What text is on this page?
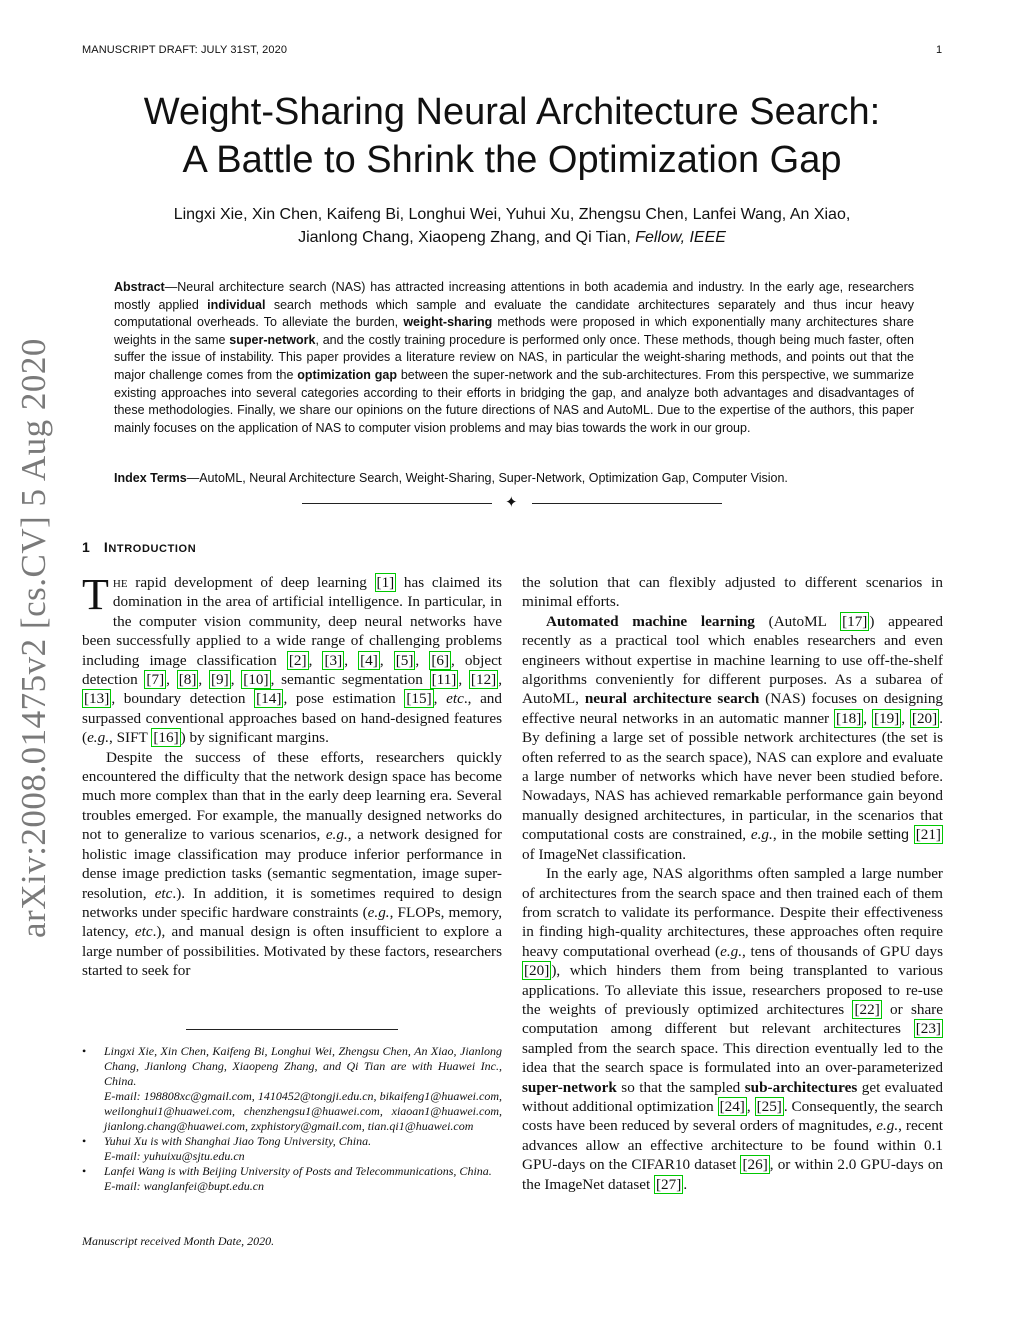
MANUSCRIPT DRAFT: JULY 31ST, 2020	1
arXiv:2008.01475v2 [cs.CV] 5 Aug 2020
Weight-Sharing Neural Architecture Search:
A Battle to Shrink the Optimization Gap
Lingxi Xie, Xin Chen, Kaifeng Bi, Longhui Wei, Yuhui Xu, Zhengsu Chen, Lanfei Wang, An Xiao,
Jianlong Chang, Xiaopeng Zhang, and Qi Tian, Fellow, IEEE
Abstract—Neural architecture search (NAS) has attracted increasing attentions in both academia and industry. In the early age, researchers mostly applied individual search methods which sample and evaluate the candidate architectures separately and thus incur heavy computational overheads. To alleviate the burden, weight-sharing methods were proposed in which exponentially many architectures share weights in the same super-network, and the costly training procedure is performed only once. These methods, though being much faster, often suffer the issue of instability. This paper provides a literature review on NAS, in particular the weight-sharing methods, and points out that the major challenge comes from the optimization gap between the super-network and the sub-architectures. From this perspective, we summarize existing approaches into several categories according to their efforts in bridging the gap, and analyze both advantages and disadvantages of these methodologies. Finally, we share our opinions on the future directions of NAS and AutoML. Due to the expertise of the authors, this paper mainly focuses on the application of NAS to computer vision problems and may bias towards the work in our group.
Index Terms—AutoML, Neural Architecture Search, Weight-Sharing, Super-Network, Optimization Gap, Computer Vision.
✦
1 INTRODUCTION

The rapid development of deep learning [1] has claimed its domination in the area of artificial intelligence. In particular, in the computer vision community, deep neural networks have been successfully applied to a wide range of challenging problems including image classification [2] , [3] , [4] , [5] , [6] , object detection [7] , [8] , [9] , [10] , semantic segmentation [11] , [12] , [13] , boundary detection [14] , pose estimation [15] , etc., and surpassed conventional approaches based on hand-designed features (e.g., SIFT [16] ) by significant margins.

Despite the success of these efforts, researchers quickly encountered the difficulty that the network design space has become much more complex than that in the early deep learning era. Several troubles emerged. For example, the manually designed networks do not to generalize to various scenarios, e.g., a network designed for holistic image classification may produce inferior performance in dense image prediction tasks (semantic segmentation, image super-resolution, etc.). In addition, it is sometimes required to design networks under specific hardware constraints (e.g., FLOPs, memory, latency, etc.), and manual design is often insufficient to explore a large number of possibilities. Motivated by these factors, researchers started to seek for

• Lingxi Xie, Xin Chen, Kaifeng Bi, Longhui Wei, Zhengsu Chen, An Xiao, Jianlong Chang, Jianlong Chang, Xiaopeng Zhang, and Qi Tian are with Huawei Inc., China.
E-mail: 198808xc@gmail.com, 1410452@tongji.edu.cn, bikaifeng1@huawei.com, weilonghui1@huawei.com, chenzhengsu1@huawei.com, xiaoan1@huawei.com, jianlong.chang@huawei.com, zxphistory@gmail.com, tian.qi1@huawei.com
• Yuhui Xu is with Shanghai Jiao Tong University, China.
E-mail: yuhuixu@sjtu.edu.cn
• Lanfei Wang is with Beijing University of Posts and Telecommunications, China.
E-mail: wanglanfei@bupt.edu.cn
Manuscript received Month Date, 2020.

the solution that can flexibly adjusted to different scenarios in minimal efforts.

Automated machine learning (AutoML [17] ) appeared recently as a practical tool which enables researchers and even engineers without expertise in machine learning to use off-the-shelf algorithms conveniently for different purposes. As a subarea of AutoML, neural architecture search (NAS) focuses on designing effective neural networks in an automatic manner [18] , [19] , [20] . By defining a large set of possible network architectures (the set is often referred to as the search space), NAS can explore and evaluate a large number of networks which have never been studied before. Nowadays, NAS has achieved remarkable performance gain beyond manually designed architectures, in particular, in the scenarios that computational costs are constrained, e.g., in the mobile setting [21] of ImageNet classification.

In the early age, NAS algorithms often sampled a large number of architectures from the search space and then trained each of them from scratch to validate its performance. Despite their effectiveness in finding high-quality architectures, these approaches often require heavy computational overhead (e.g., tens of thousands of GPU days [20] ), which hinders them from being transplanted to various applications. To alleviate this issue, researchers proposed to re-use the weights of previously optimized architectures [22] or share computation among different but relevant architectures [23] sampled from the search space. This direction eventually led to the idea that the search space is formulated into an over-parameterized super-network so that the sampled sub-architectures get evaluated without additional optimization [24] , [25] . Consequently, the search costs have been reduced by several orders of magnitudes, e.g., recent advances allow an effective architecture to be found within 0.1 GPU-days on the CIFAR10 dataset [26] , or within 2.0 GPU-days on the ImageNet dataset [27] .
